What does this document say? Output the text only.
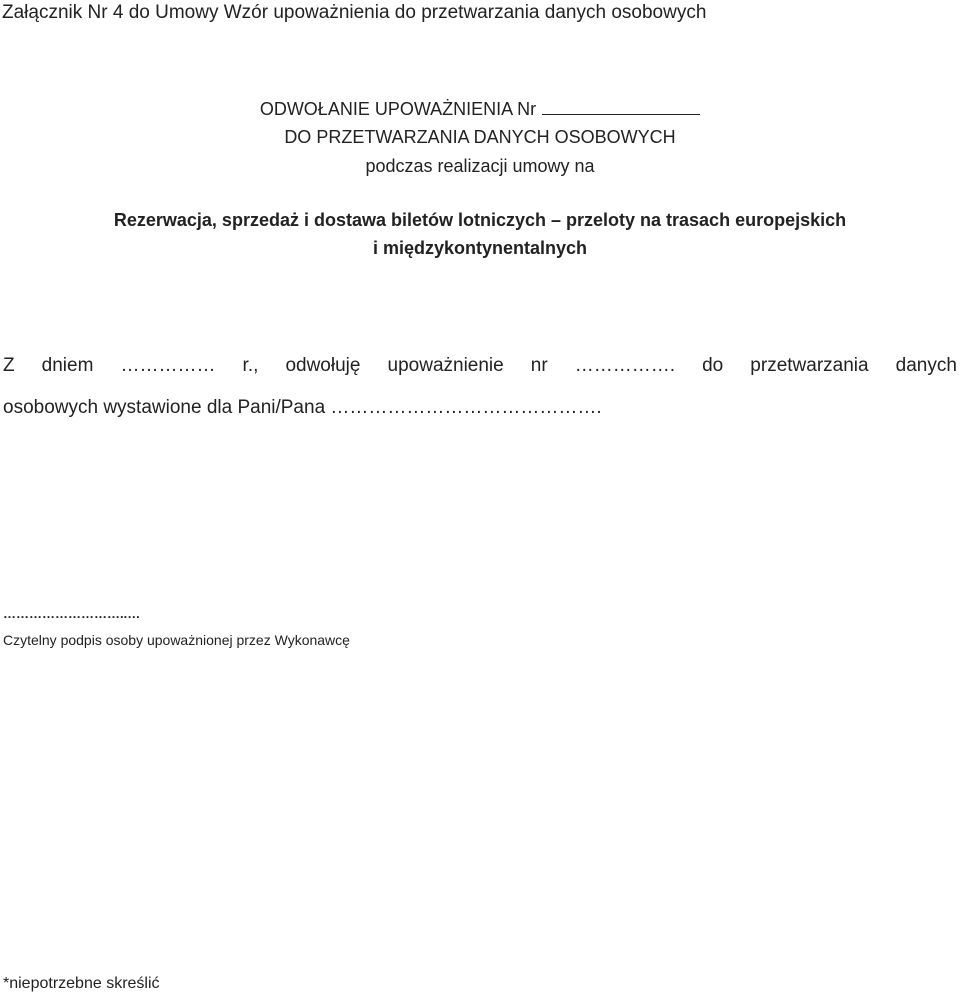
Załącznik Nr 4 do Umowy Wzór upoważnienia do przetwarzania danych osobowych
ODWOŁANIE UPOWAŻNIENIA Nr
DO PRZETWARZANIA DANYCH OSOBOWYCH
podczas realizacji umowy na
Rezerwacja, sprzedaż i dostawa biletów lotniczych – przeloty na trasach europejskich
i międzykontynentalnych
Z dniem …………… r., odwołuję upoważnienie nr ……………. do przetwarzania danych
osobowych wystawione dla Pani/Pana …………………………………….
………………………..…
Czytelny podpis osoby upoważnionej przez Wykonawcę
*niepotrzebne skreślić
